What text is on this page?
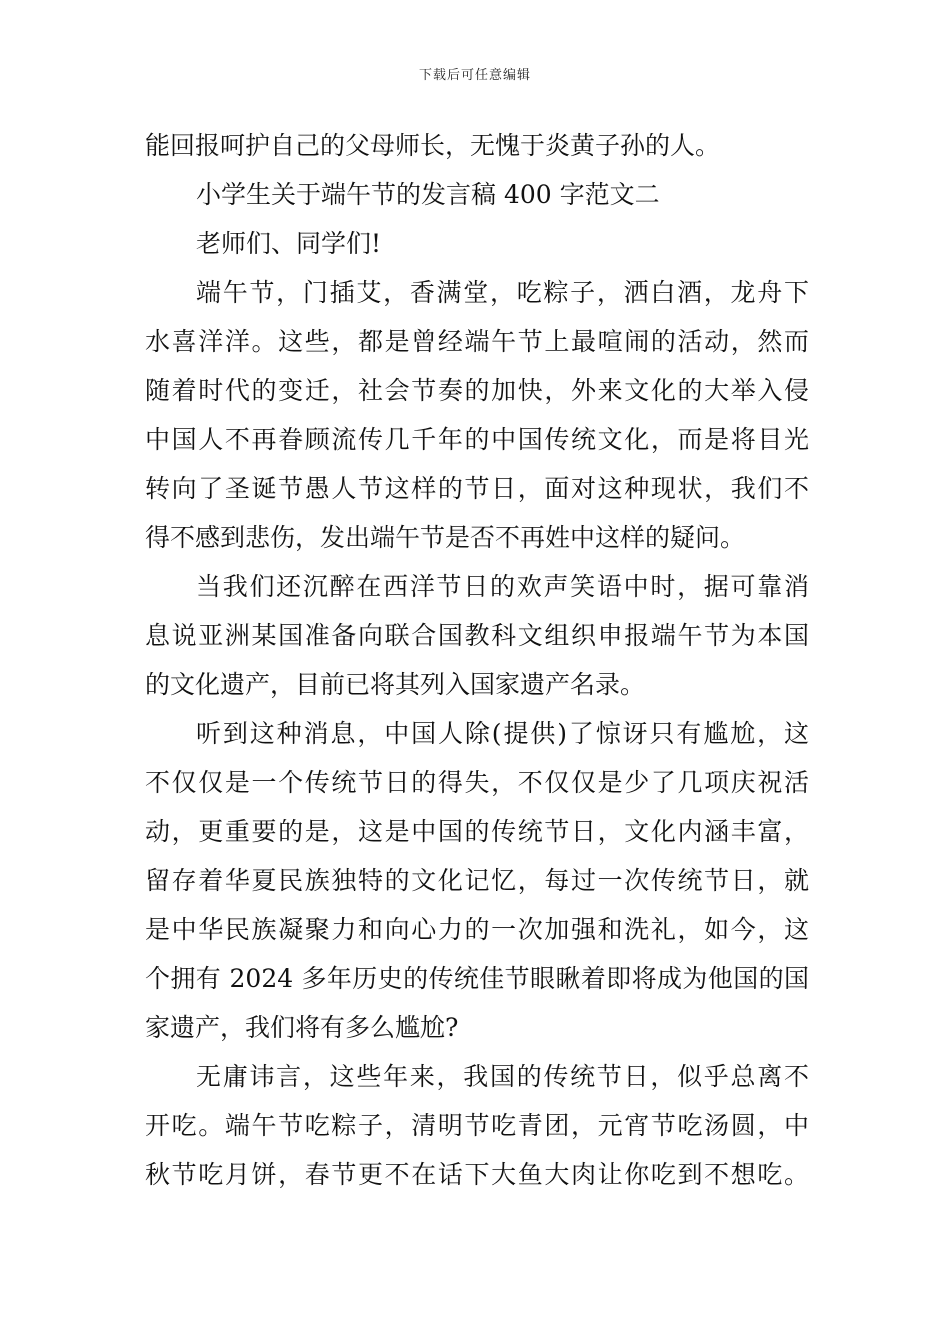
下载后可任意编辑
能回报呵护自己的父母师长，无愧于炎黄子孙的人。
小学生关于端午节的发言稿 400 字范文二
老师们、同学们!
端午节，门插艾，香满堂，吃粽子，洒白酒，龙舟下
水喜洋洋。这些，都是曾经端午节上最喧闹的活动，然而
随着时代的变迁，社会节奏的加快，外来文化的大举入侵
中国人不再眷顾流传几千年的中国传统文化，而是将目光
转向了圣诞节愚人节这样的节日，面对这种现状，我们不
得不感到悲伤，发出端午节是否不再姓中这样的疑问。
当我们还沉醉在西洋节日的欢声笑语中时，据可靠消
息说亚洲某国准备向联合国教科文组织申报端午节为本国
的文化遗产，目前已将其列入国家遗产名录。
听到这种消息，中国人除(提供)了惊讶只有尴尬，这
不仅仅是一个传统节日的得失，不仅仅是少了几项庆祝活
动，更重要的是，这是中国的传统节日，文化内涵丰富，
留存着华夏民族独特的文化记忆，每过一次传统节日，就
是中华民族凝聚力和向心力的一次加强和洗礼，如今，这
个拥有 2024 多年历史的传统佳节眼瞅着即将成为他国的国
家遗产，我们将有多么尴尬?
无庸讳言，这些年来，我国的传统节日，似乎总离不
开吃。端午节吃粽子，清明节吃青团，元宵节吃汤圆，中
秋节吃月饼，春节更不在话下大鱼大肉让你吃到不想吃。
